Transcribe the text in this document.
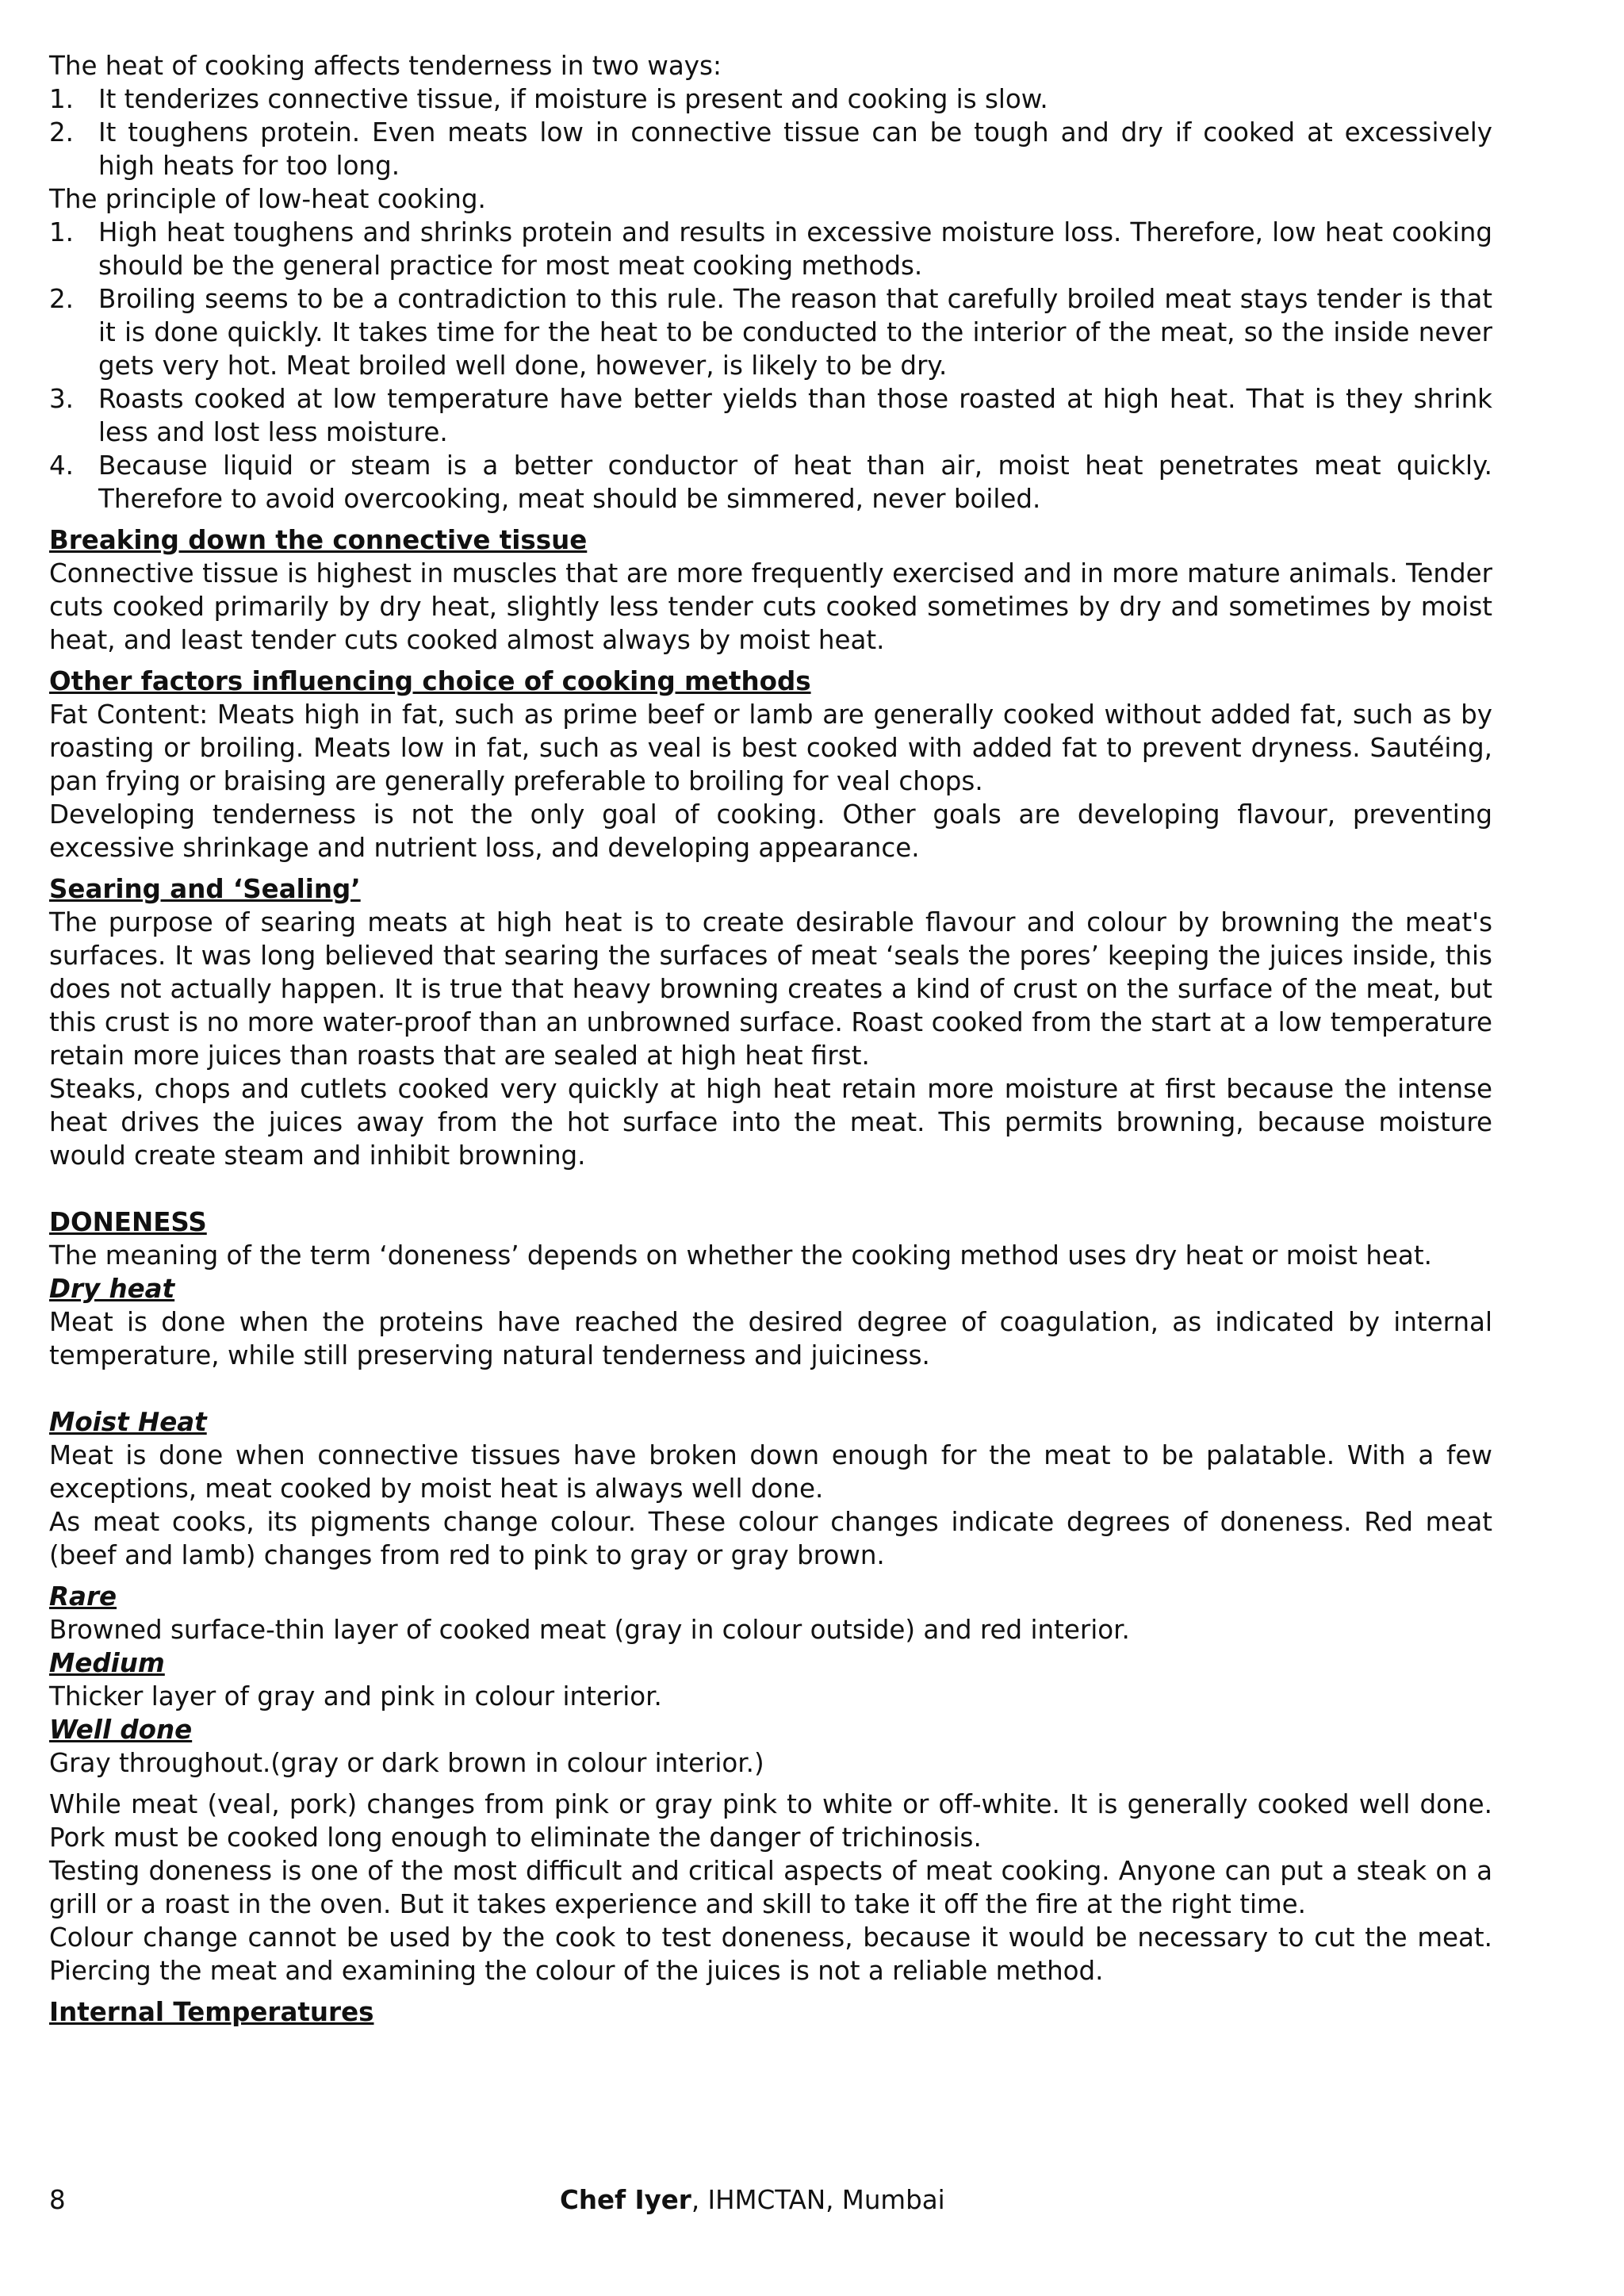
The heat of cooking affects tenderness in two ways:

1. It tenderizes connective tissue, if moisture is present and cooking is slow.
2. It toughens protein. Even meats low in connective tissue can be tough and dry if cooked at excessively high heats for too long.

The principle of low-heat cooking.

1. High heat toughens and shrinks protein and results in excessive moisture loss. Therefore, low heat cooking should be the general practice for most meat cooking methods.
2. Broiling seems to be a contradiction to this rule. The reason that carefully broiled meat stays tender is that it is done quickly. It takes time for the heat to be conducted to the interior of the meat, so the inside never gets very hot. Meat broiled well done, however, is likely to be dry.
3. Roasts cooked at low temperature have better yields than those roasted at high heat. That is they shrink less and lost less moisture.
4. Because liquid or steam is a better conductor of heat than air, moist heat penetrates meat quickly. Therefore to avoid overcooking, meat should be simmered, never boiled.
Breaking down the connective tissue

Connective tissue is highest in muscles that are more frequently exercised and in more mature animals. Tender cuts cooked primarily by dry heat, slightly less tender cuts cooked sometimes by dry and sometimes by moist heat, and least tender cuts cooked almost always by moist heat.

Other factors influencing choice of cooking methods

Fat Content: Meats high in fat, such as prime beef or lamb are generally cooked without added fat, such as by roasting or broiling. Meats low in fat, such as veal is best cooked with added fat to prevent dryness. Sautéing, pan frying or braising are generally preferable to broiling for veal chops.

Developing tenderness is not the only goal of cooking. Other goals are developing flavour, preventing excessive shrinkage and nutrient loss, and developing appearance.

Searing and ‘Sealing’

The purpose of searing meats at high heat is to create desirable flavour and colour by browning the meat's surfaces. It was long believed that searing the surfaces of meat ‘seals the pores’ keeping the juices inside, this does not actually happen. It is true that heavy browning creates a kind of crust on the surface of the meat, but this crust is no more water-proof than an unbrowned surface. Roast cooked from the start at a low temperature retain more juices than roasts that are sealed at high heat first.

Steaks, chops and cutlets cooked very quickly at high heat retain more moisture at first because the intense heat drives the juices away from the hot surface into the meat. This permits browning, because moisture would create steam and inhibit browning.

DONENESS

The meaning of the term ‘doneness’ depends on whether the cooking method uses dry heat or moist heat.

Dry heat

Meat is done when the proteins have reached the desired degree of coagulation, as indicated by internal temperature, while still preserving natural tenderness and juiciness.

Moist Heat

Meat is done when connective tissues have broken down enough for the meat to be palatable. With a few exceptions, meat cooked by moist heat is always well done.

As meat cooks, its pigments change colour. These colour changes indicate degrees of doneness. Red meat (beef and lamb) changes from red to pink to gray or gray brown.

Rare

Browned surface-thin layer of cooked meat (gray in colour outside) and red interior.

Medium

Thicker layer of gray and pink in colour interior.

Well done

Gray throughout.(gray or dark brown in colour interior.)

While meat (veal, pork) changes from pink or gray pink to white or off-white. It is generally cooked well done. Pork must be cooked long enough to eliminate the danger of trichinosis.

Testing doneness is one of the most difficult and critical aspects of meat cooking. Anyone can put a steak on a grill or a roast in the oven. But it takes experience and skill to take it off the fire at the right time.

Colour change cannot be used by the cook to test doneness, because it would be necessary to cut the meat. Piercing the meat and examining the colour of the juices is not a reliable method.

Internal Temperatures
8	Chef Iyer, IHMCTAN, Mumbai
